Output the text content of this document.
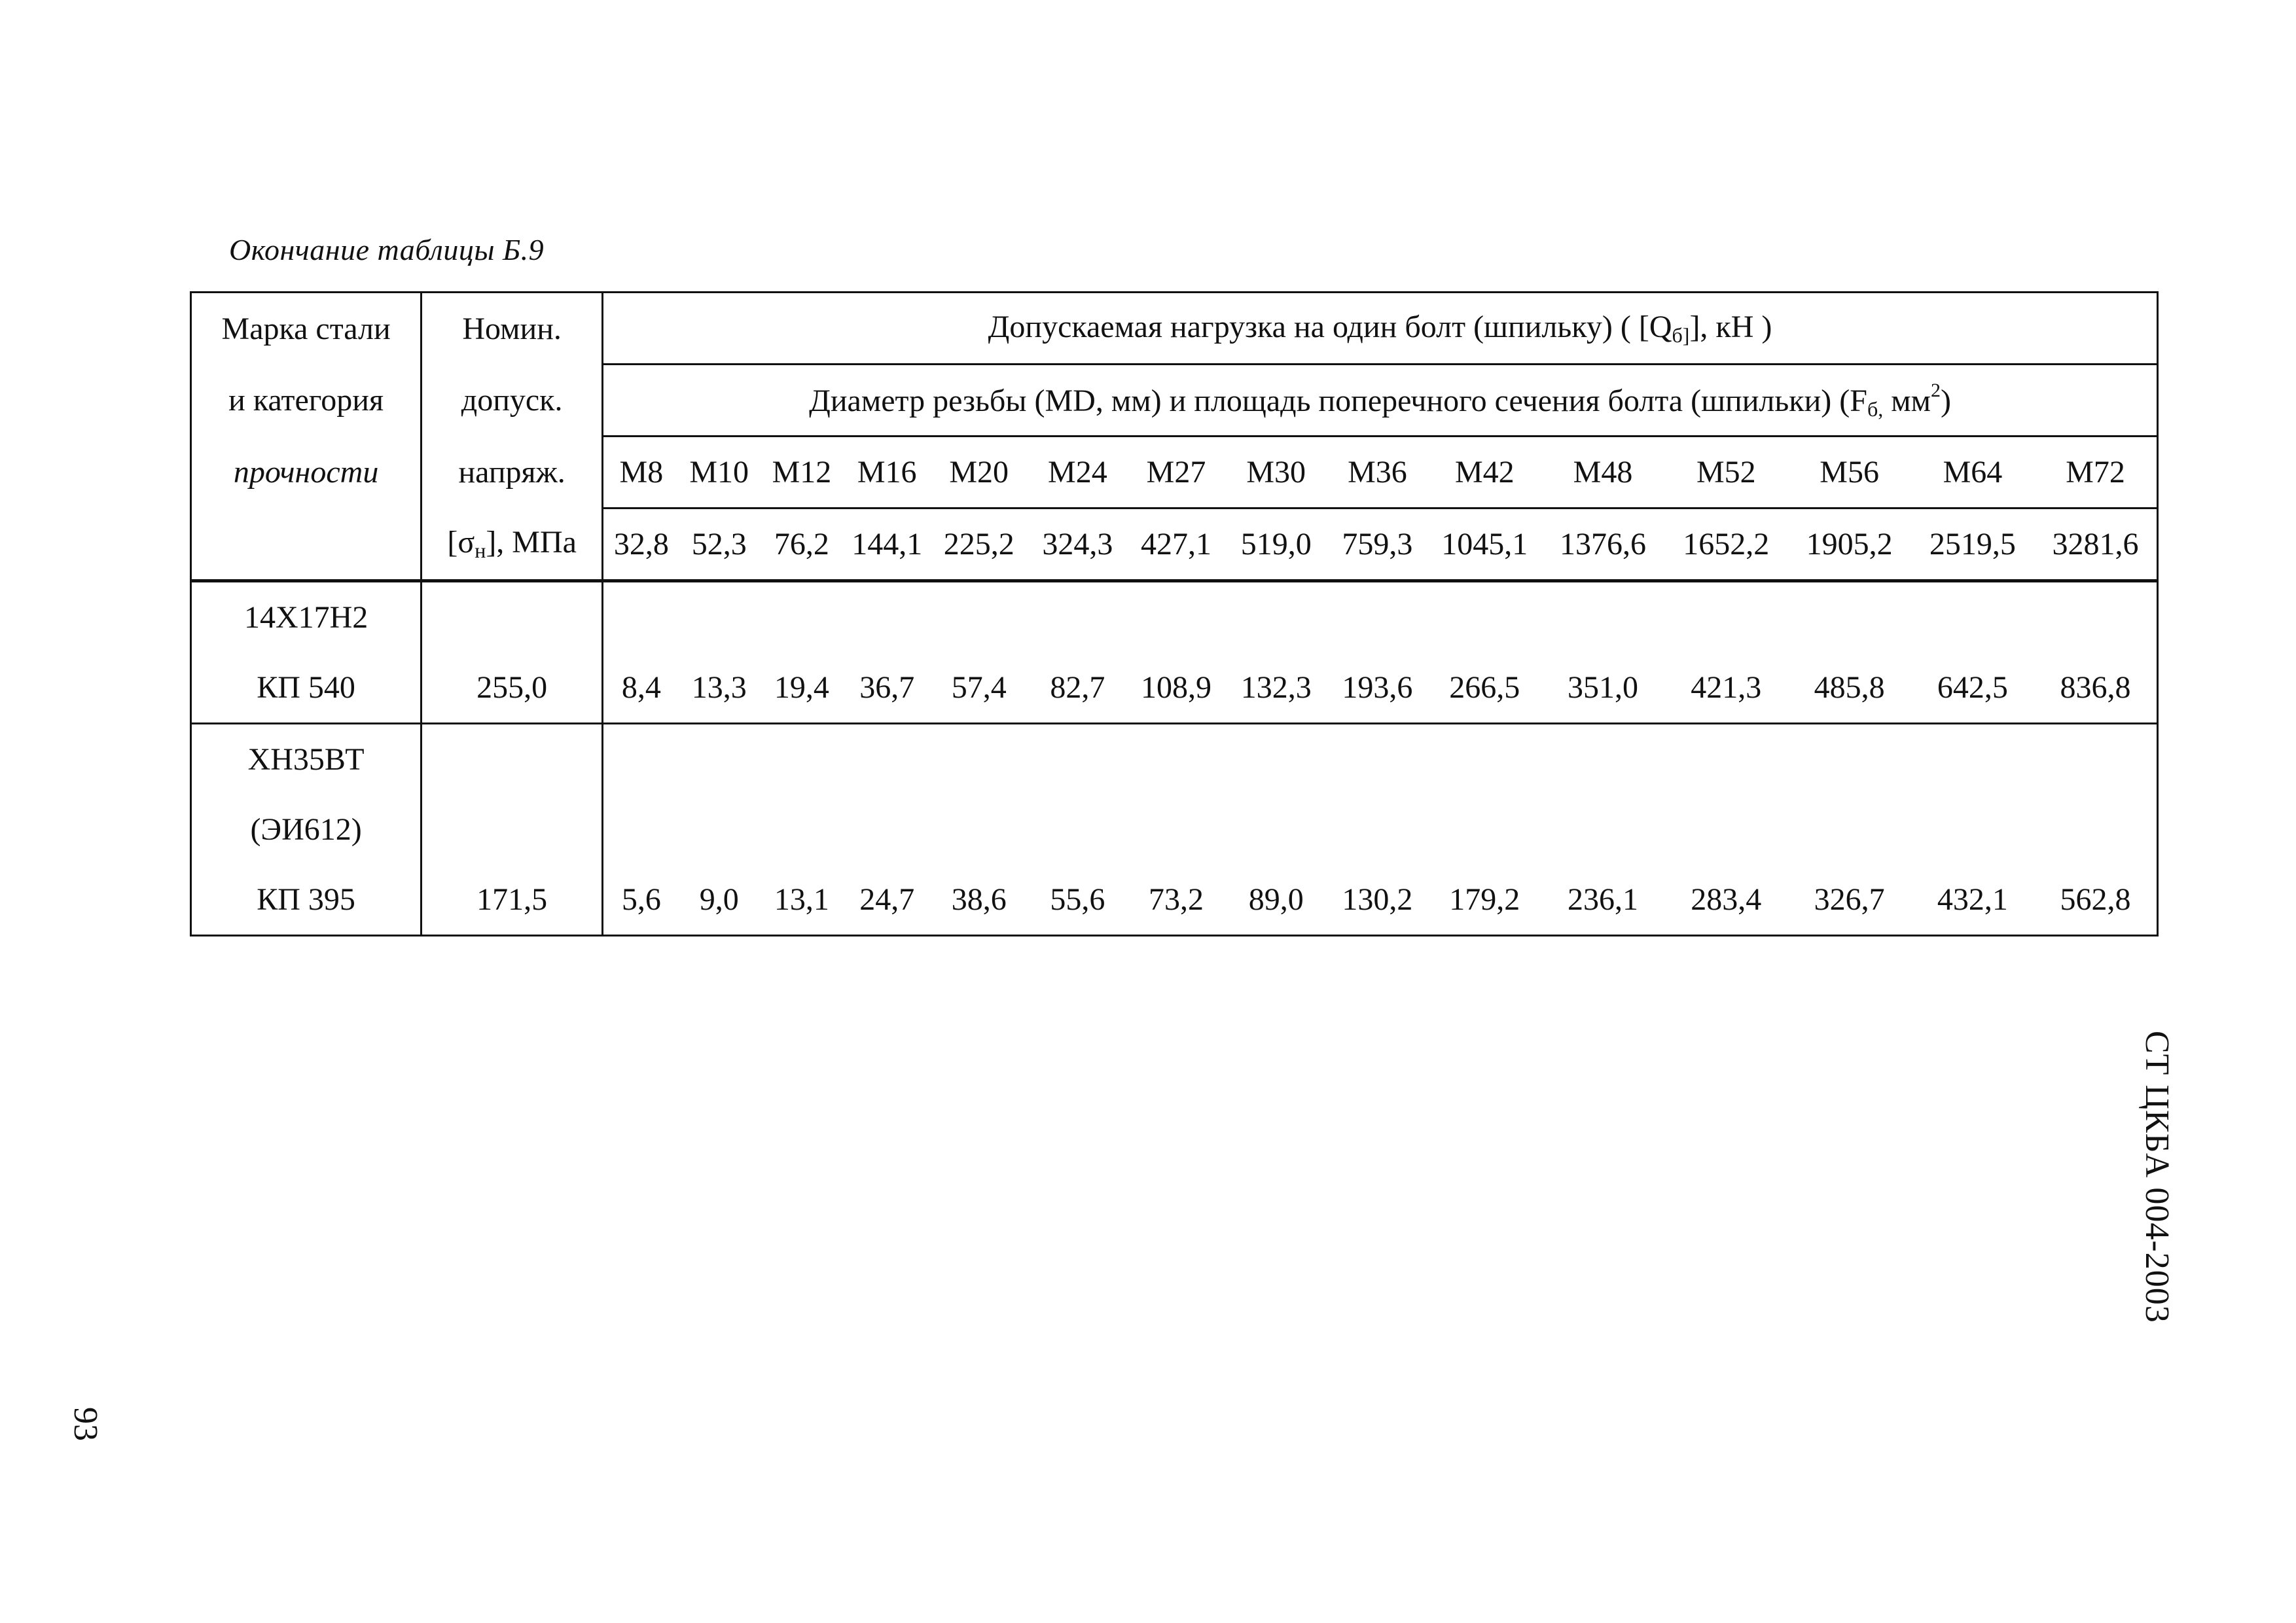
Окончание таблицы Б.9
Марка стали	Номин.	Допускаемая нагрузка на один болт (шпильку) ( $[Q_{б]}]$, кН )														
и категория	допуск.	Диаметр резьбы (MD, мм) и площадь поперечного сечения болта (шпильки) ($F_{б,}$ $мм^2$)														
прочности	напряж.	M8	M10	M12	M16	M20	M24	M27	M30	M36	M42	M48	M52	M56	M64	M72
	$[\sigma_н]$, МПа	32,8	52,3	76,2	144,1	225,2	324,3	427,1	519,0	759,3	1045,1	1376,6	1652,2	1905,2	2519,5	3281,6
14Х17Н2																
КП 540	255,0	8,4	13,3	19,4	36,7	57,4	82,7	108,9	132,3	193,6	266,5	351,0	421,3	485,8	642,5	836,8
ХН35ВТ																
(ЭИ612)																
КП 395	171,5	5,6	9,0	13,1	24,7	38,6	55,6	73,2	89,0	130,2	179,2	236,1	283,4	326,7	432,1	562,8
СТ ЦКБА 004-2003
93
